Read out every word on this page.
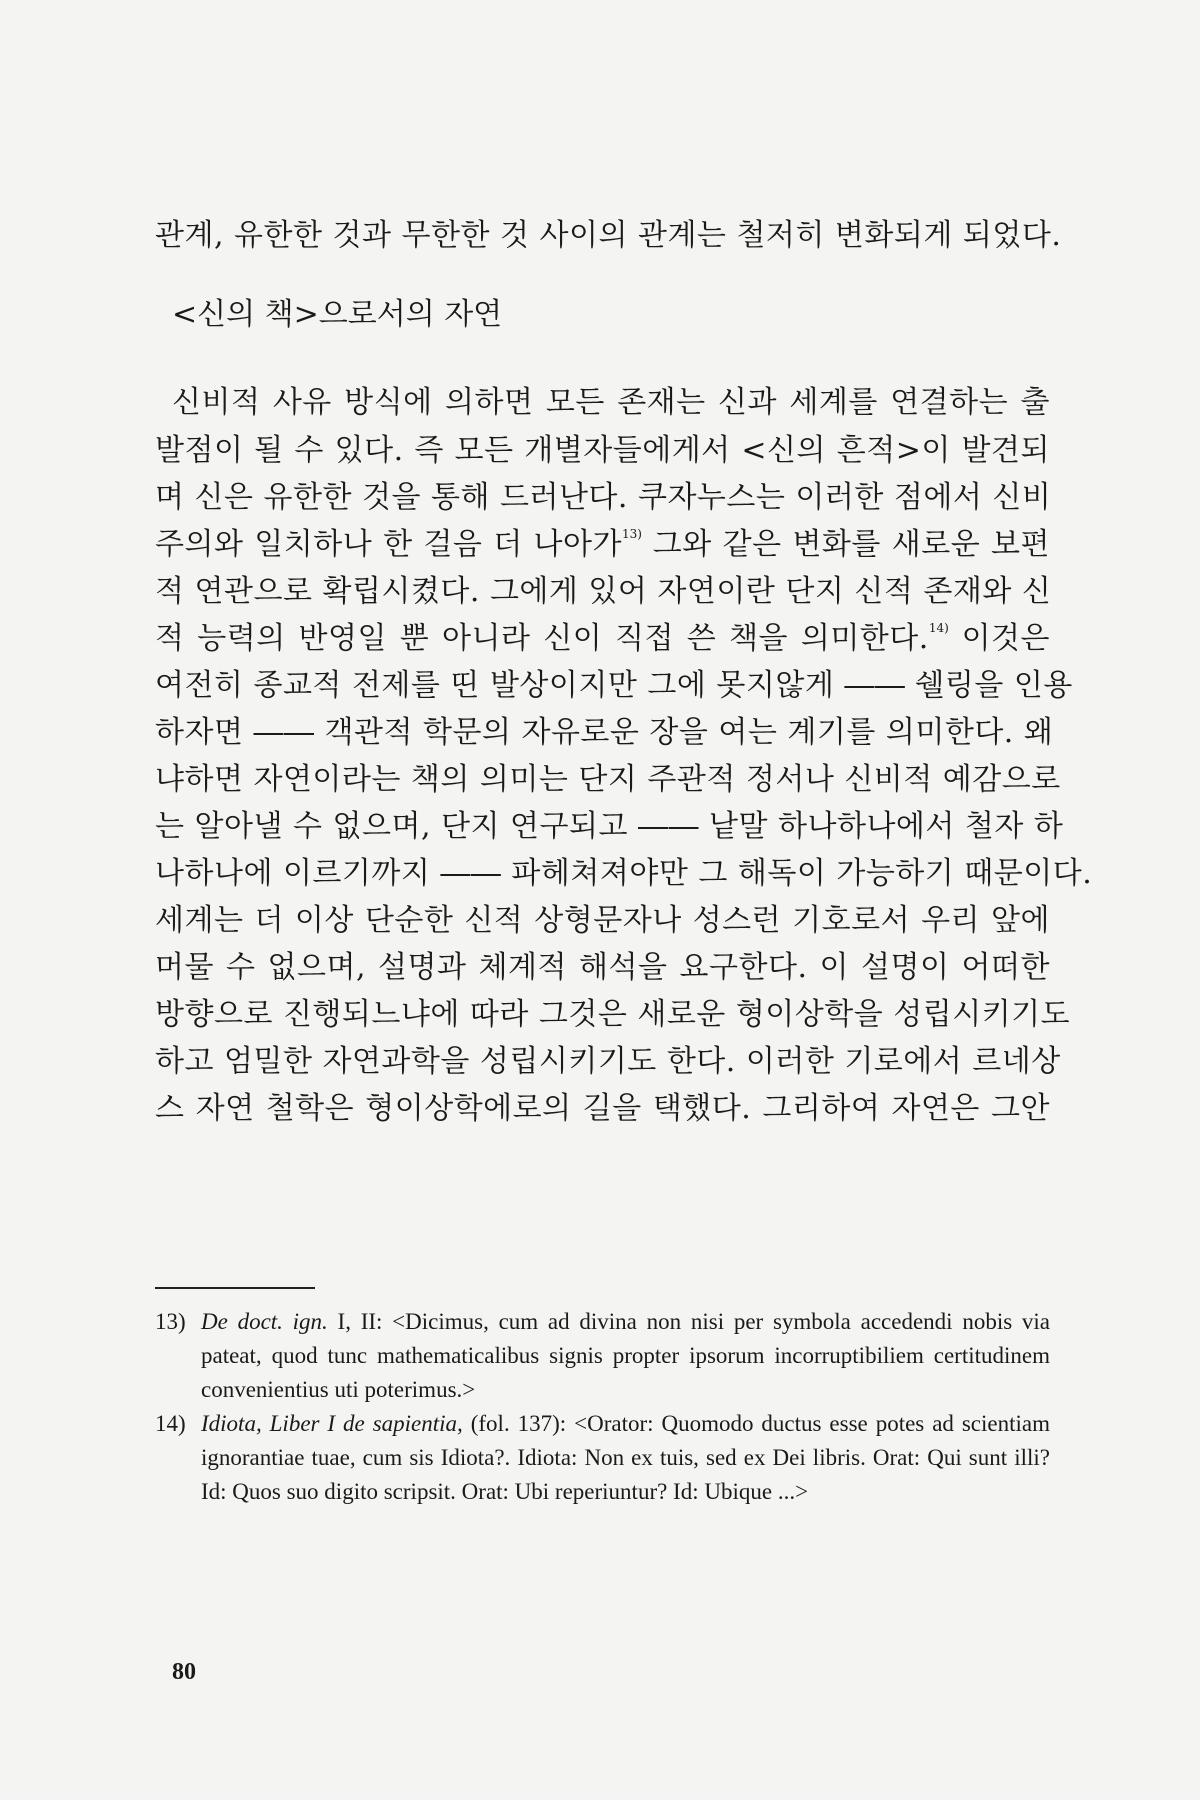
관계, 유한한 것과 무한한 것 사이의 관계는 철저히 변화되게 되었다.
<신의 책>으로서의 자연
신비적 사유 방식에 의하면 모든 존재는 신과 세계를 연결하는 출
발점이 될 수 있다. 즉 모든 개별자들에게서 <신의 흔적>이 발견되
며 신은 유한한 것을 통해 드러난다. 쿠자누스는 이러한 점에서 신비
주의와 일치하나 한 걸음 더 나아가$^{13)}$ 그와 같은 변화를 새로운 보편
적 연관으로 확립시켰다. 그에게 있어 자연이란 단지 신적 존재와 신
적 능력의 반영일 뿐 아니라 신이 직접 쓴 책을 의미한다.$^{14)}$ 이것은
여전히 종교적 전제를 띤 발상이지만 그에 못지않게 ―― 쉘링을 인용
하자면 ―― 객관적 학문의 자유로운 장을 여는 계기를 의미한다. 왜
냐하면 자연이라는 책의 의미는 단지 주관적 정서나 신비적 예감으로
는 알아낼 수 없으며, 단지 연구되고 ―― 낱말 하나하나에서 철자 하
나하나에 이르기까지 ―― 파헤쳐져야만 그 해독이 가능하기 때문이다.
세계는 더 이상 단순한 신적 상형문자나 성스런 기호로서 우리 앞에
머물 수 없으며, 설명과 체계적 해석을 요구한다. 이 설명이 어떠한
방향으로 진행되느냐에 따라 그것은 새로운 형이상학을 성립시키기도
하고 엄밀한 자연과학을 성립시키기도 한다. 이러한 기로에서 르네상
스 자연 철학은 형이상학에로의 길을 택했다. 그리하여 자연은 그안
13) De doct. ign. I, II: <Dicimus, cum ad divina non nisi per symbola accedendi nobis via pateat, quod tunc mathematicalibus signis propter ipsorum incorruptibiliem certitudinem convenientius uti poterimus.>
14) Idiota, Liber I de sapientia, (fol. 137): <Orator: Quomodo ductus esse potes ad scientiam ignorantiae tuae, cum sis Idiota?. Idiota: Non ex tuis, sed ex Dei libris. Orat: Qui sunt illi? Id: Quos suo digito scripsit. Orat: Ubi reperiuntur? Id: Ubique ...>
80
